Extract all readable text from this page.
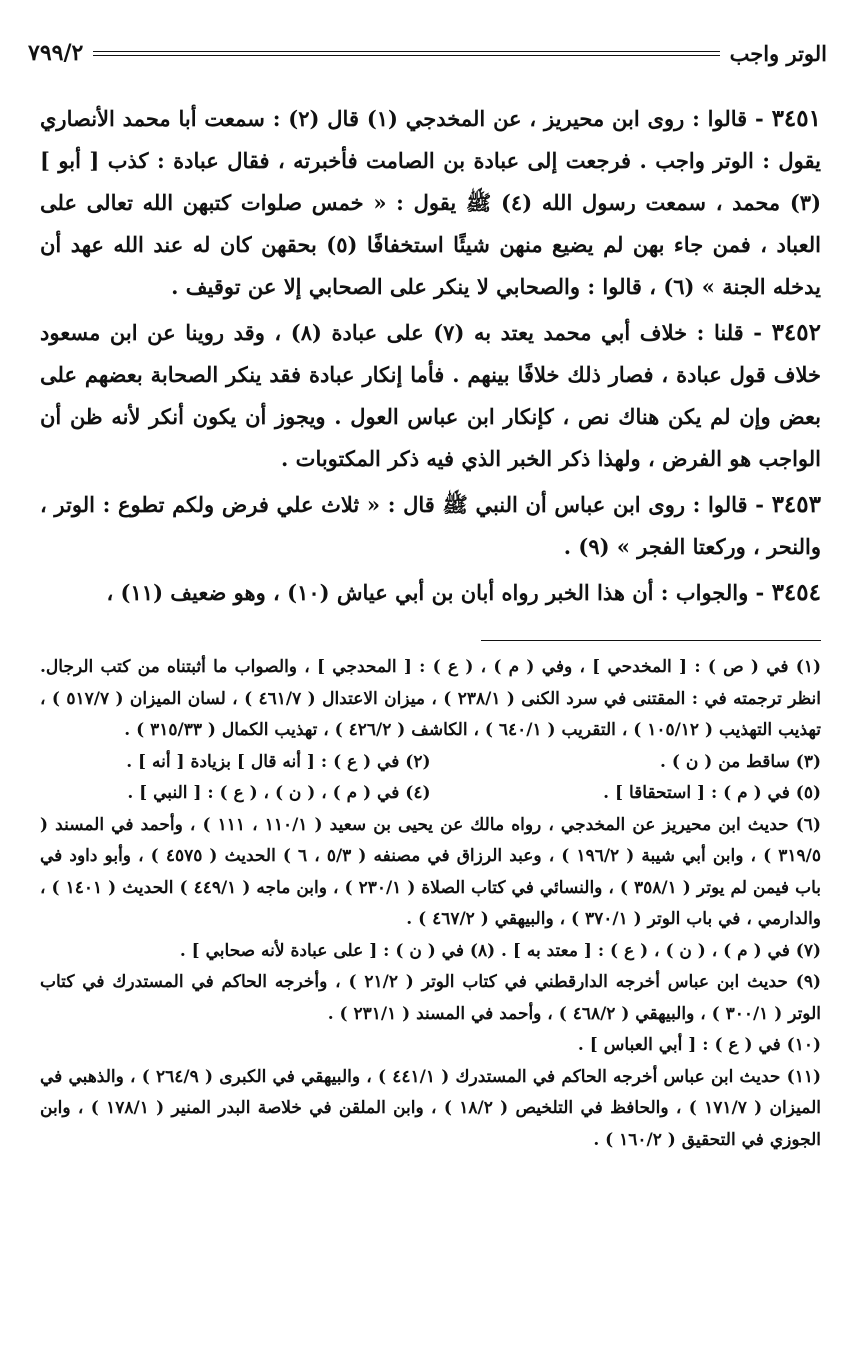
الوتر واجب
٧٩٩/٢

٣٤٥١ - قالوا : روى ابن محيريز ، عن المخدجي (١) قال (٢) : سمعت أبا محمد الأنصاري يقول : الوتر واجب . فرجعت إلى عبادة بن الصامت فأخبرته ، فقال عبادة : كذب [ أبو ] (٣) محمد ، سمعت رسول الله (٤) ﷺ يقول : « خمس صلوات كتبهن الله تعالى على العباد ، فمن جاء بهن لم يضيع منهن شيئًا استخفافًا (٥) بحقهن كان له عند الله عهد أن يدخله الجنة » (٦) ، قالوا : والصحابي لا ينكر على الصحابي إلا عن توقيف .

٣٤٥٢ - قلنا : خلاف أبي محمد يعتد به (٧) على عبادة (٨) ، وقد روينا عن ابن مسعود خلاف قول عبادة ، فصار ذلك خلافًا بينهم . فأما إنكار عبادة فقد ينكر الصحابة بعضهم على بعض وإن لم يكن هناك نص ، كإنكار ابن عباس العول . ويجوز أن يكون أنكر لأنه ظن أن الواجب هو الفرض ، ولهذا ذكر الخبر الذي فيه ذكر المكتوبات .

٣٤٥٣ - قالوا : روى ابن عباس أن النبي ﷺ قال : « ثلاث علي فرض ولكم تطوع : الوتر ، والنحر ، وركعتا الفجر » (٩) .

٣٤٥٤ - والجواب : أن هذا الخبر رواه أبان بن أبي عياش (١٠) ، وهو ضعيف (١١) ،

(١) في ( ص ) : [ المخدحي ] ، وفي ( م ) ، ( ع ) : [ المحدجي ] ، والصواب ما أثبتناه من كتب الرجال. انظر ترجمته في : المقتنى في سرد الكنى ( ٢٣٨/١ ) ، ميزان الاعتدال ( ٤٦١/٧ ) ، لسان الميزان ( ٥١٧/٧ ) ، تهذيب التهذيب ( ١٠٥/١٢ ) ، التقريب ( ٦٤٠/١ ) ، الكاشف ( ٤٢٦/٢ ) ، تهذيب الكمال ( ٣١٥/٣٣ ) .

(٣) ساقط من ( ن ) .
(٢) في ( ع ) : [ أنه قال ] بزيادة [ أنه ] .
(٥) في ( م ) : [ استحقاقا ] .
(٤) في ( م ) ، ( ن ) ، ( ع ) : [ النبي ] .

(٦) حديث ابن محيريز عن المخدجي ، رواه مالك عن يحيى بن سعيد ( ١١٠/١ ، ١١١ ) ، وأحمد في المسند ( ٣١٩/٥ ) ، وابن أبي شيبة ( ١٩٦/٢ ) ، وعبد الرزاق في مصنفه ( ٥/٣ ، ٦ ) الحديث ( ٤٥٧٥ ) ، وأبو داود في باب فيمن لم يوتر ( ٣٥٨/١ ) ، والنسائي في كتاب الصلاة ( ٢٣٠/١ ) ، وابن ماجه ( ٤٤٩/١ ) الحديث ( ١٤٠١ ) ، والدارمي ، في باب الوتر ( ٣٧٠/١ ) ، والبيهقي ( ٤٦٧/٢ ) .

(٧) في ( م ) ، ( ن ) ، ( ع ) : [ معتد به ] . (٨) في ( ن ) : [ على عبادة لأنه صحابي ] .

(٩) حديث ابن عباس أخرجه الدارقطني في كتاب الوتر ( ٢١/٢ ) ، وأخرجه الحاكم في المستدرك في كتاب الوتر ( ٣٠٠/١ ) ، والبيهقي ( ٤٦٨/٢ ) ، وأحمد في المسند ( ٢٣١/١ ) .

(١٠) في ( ع ) : [ أبي العباس ] .

(١١) حديث ابن عباس أخرجه الحاكم في المستدرك ( ٤٤١/١ ) ، والبيهقي في الكبرى ( ٢٦٤/٩ ) ، والذهبي في الميزان ( ١٧١/٧ ) ، والحافظ في التلخيص ( ١٨/٢ ) ، وابن الملقن في خلاصة البدر المنير ( ١٧٨/١ ) ، وابن الجوزي في التحقيق ( ١٦٠/٢ ) .
